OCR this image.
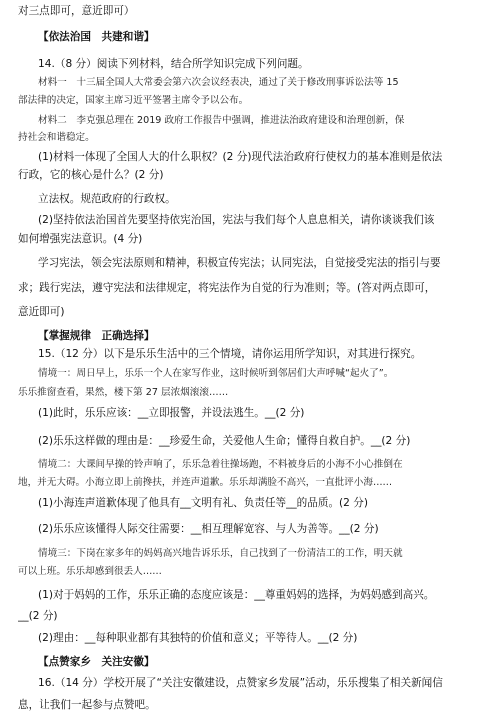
对三点即可，意近即可）
【依法治国　共建和谐】
14.（8 分）阅读下列材料，结合所学知识完成下列问题。
材料一　十三届全国人大常委会第六次会议经表决，通过了关于修改刑事诉讼法等 15
部法律的决定，国家主席习近平签署主席令予以公布。
材料二　李克强总理在 2019 政府工作报告中强调，推进法治政府建设和治理创新，保
持社会和谐稳定。
(1)材料一体现了全国人大的什么职权？(2 分)现代法治政府行使权力的基本准则是依法
行政，它的核心是什么？(2 分)
立法权。规范政府的行政权。
(2)坚持依法治国首先要坚持依宪治国，宪法与我们每个人息息相关，请你谈谈我们该
如何增强宪法意识。(4 分)
学习宪法，领会宪法原则和精神，积极宣传宪法；认同宪法，自觉接受宪法的指引与要
求；践行宪法，遵守宪法和法律规定，将宪法作为自觉的行为准则；等。(答对两点即可，
意近即可)
【掌握规律　正确选择】
15.（12 分）以下是乐乐生活中的三个情境，请你运用所学知识，对其进行探究。
情境一：周日早上，乐乐一个人在家写作业，这时候听到邻居们大声呼喊“起火了”。
乐乐推窗查看，果然，楼下第 27 层浓烟滚滚……
(1)此时，乐乐应该：__立即报警，并设法逃生。__(2 分)
(2)乐乐这样做的理由是：__珍爱生命，关爱他人生命；懂得自救自护。__(2 分)
情境二：大课间早操的铃声响了，乐乐急着往操场跑，不料被身后的小海不小心推倒在
地，并无大碍。小海立即上前搀扶，并连声道歉。乐乐却满脸不高兴，一直批评小海……
(1)小海连声道歉体现了他具有__文明有礼、负责任等__的品质。(2 分)
(2)乐乐应该懂得人际交往需要：__相互理解宽容、与人为善等。__(2 分)
情境三：下岗在家多年的妈妈高兴地告诉乐乐，自己找到了一份清洁工的工作，明天就
可以上班。乐乐却感到很丢人……
(1)对于妈妈的工作，乐乐正确的态度应该是：__尊重妈妈的选择，为妈妈感到高兴。
__(2 分)
(2)理由：__每种职业都有其独特的价值和意义；平等待人。__(2 分)
【点赞家乡　关注安徽】
16.（14 分）学校开展了“关注安徽建设，点赞家乡发展”活动，乐乐搜集了相关新闻信
息，让我们一起参与点赞吧。
